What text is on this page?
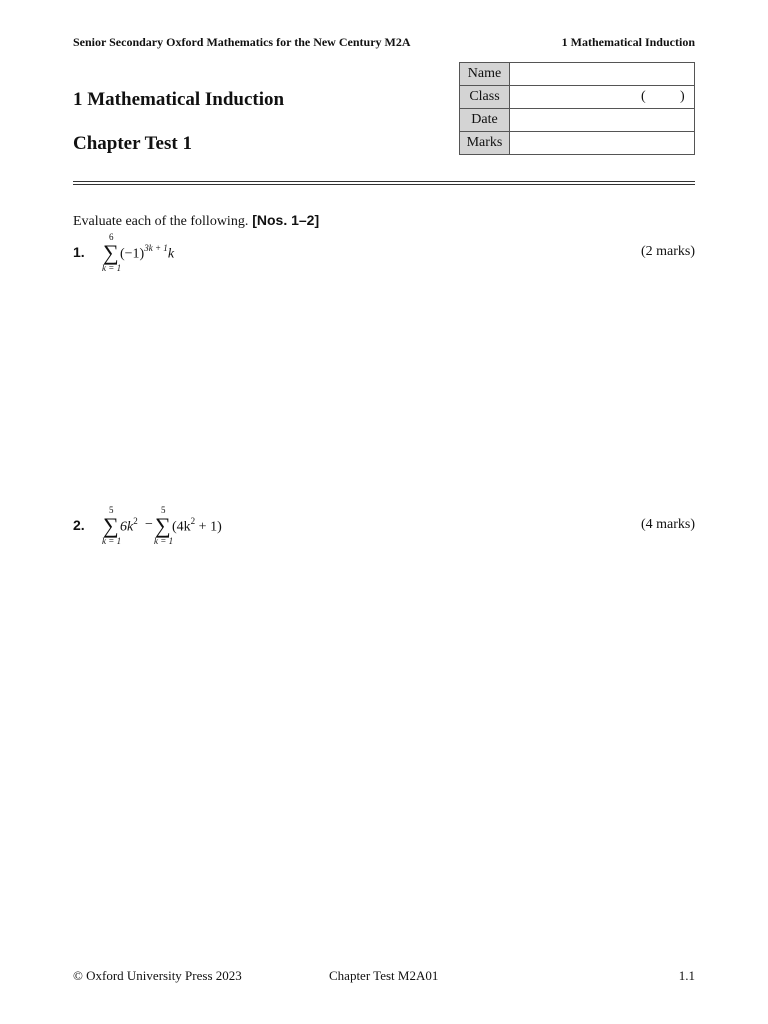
Senior Secondary Oxford Mathematics for the New Century M2A	1 Mathematical Induction
1 Mathematical Induction
Chapter Test 1
Name	
Class	( )

Date	
Marks	
Evaluate each of the following. [Nos. 1–2]
1.
6
∑
k = 1
$(-1)^{3k + 1}k$	(2 marks)
2.
5
∑
k = 1
$6k^2$ −
5
∑
k = 1
$(4k^2 + 1)$	(4 marks)
© Oxford University Press 2023	Chapter Test M2A01	1.1
